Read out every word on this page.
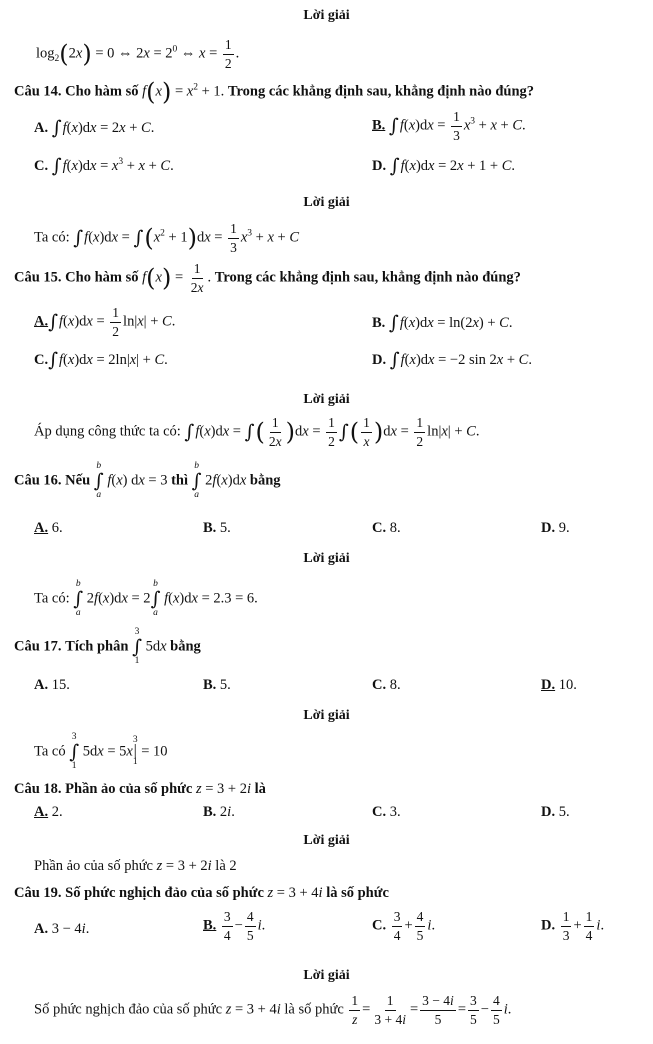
Lời giải
$\log_2(2x) = 0$ ⇔ $2x = 2^0$ ⇔ $x = \frac{1}{2}$ .
Câu 14. Cho hàm số $f(x) = x^2 + 1$. Trong các khẳng định sau, khẳng định nào đúng?
A. ∫f(x)dx = 2x + C.	B. $\int f(x)dx = \frac{1}{3} x^3 + x + C$.
C. $\int f(x)dx = x^3 + x + C$.	D. ∫f(x)dx = 2x + 1 + C.
Lời giải
Ta có: $\int f(x)dx = \int(x^2 + 1)dx = \frac{1}{3} x^3 + x + C$
Câu 15. Cho hàm số $f(x) = \frac{1}{2x}$ . Trong các khẳng định sau, khẳng định nào đúng?
$A.\int f(x)dx = \frac{1}{2} \ln|x| + C$.	B. ∫f(x)dx = ln(2x) + C.
C.∫f(x)dx = 2ln|x| + C.	D. ∫f(x)dx = −2 sin 2x + C.
Lời giải
Áp dụng công thức ta có: ∫f(x)dx = ∫( $\frac{1}{2x} )dx = \frac{1}{2}$ ∫( $\frac{1}{x} )dx = \frac{1}{2} \ln|x| + C$.
Câu 16. Nếu
b
∫
a
f(x) dx = 3 thì
b
∫
a
2f(x)dx bằng
A. 6.	B. 5.	C. 8.	D. 9.
Lời giải
Ta có:
b
∫
a
2f(x)dx = 2
b
∫
a
f(x)dx = 2.3 = 6.
Câu 17. Tích phân
3
∫
1
5dx bằng
A. 15.	B. 5.	C. 8.	D. 10.
Lời giải
Ta có
3
∫
1
5dx = 5x
3
|
1
= 10
Câu 18. Phần ảo của số phức z = 3 + 2i là
A. 2.	B. 2i.	C. 3.	D. 5.
Lời giải
Phần ảo của số phức z = 3 + 2i là 2
Câu 19. Số phức nghịch đảo của số phức z = 3 + 4i là số phức
A. 3 − 4i.	B. $\frac{3}{4} - \frac{4}{5} i$.	C. $\frac{3}{4} + \frac{4}{5} i$.	D. $\frac{1}{3} + \frac{1}{4} i$.
Lời giải
Số phức nghịch đảo của số phức z = 3 + 4i là số phức $\frac{1}{z} = \frac{1}{3 + 4i} = \frac{3 - 4i}{5} = \frac{3}{5} - \frac{4}{5} i$.
